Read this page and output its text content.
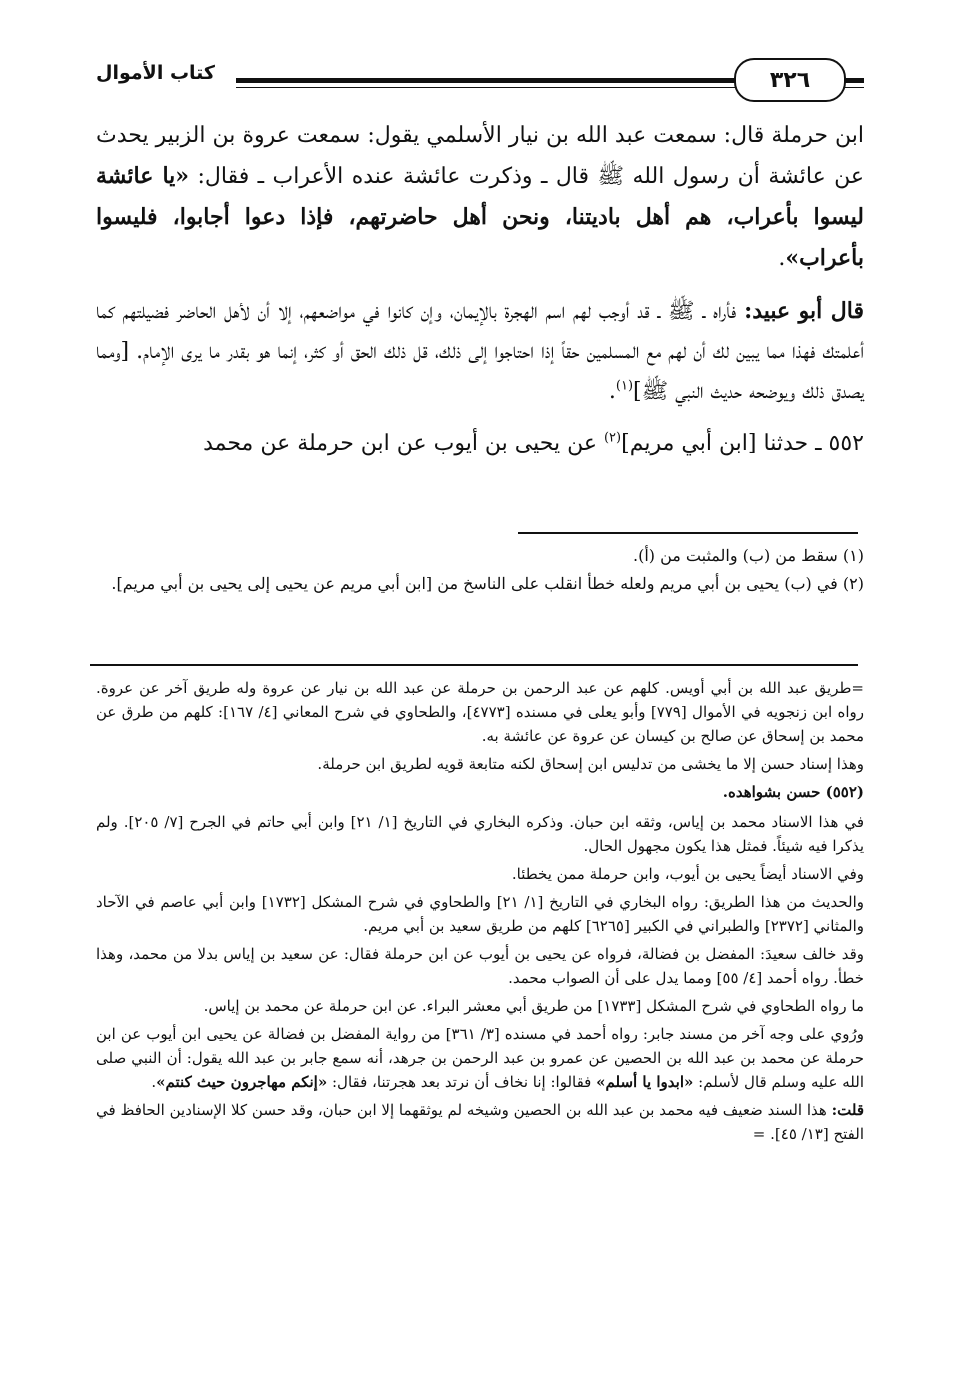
٣٢٦
كتاب الأموال

ابن حرملة قال: سمعت عبد الله بن نيار الأسلمي يقول: سمعت عروة بن الزبير يحدث عن عائشة أن رسول الله ﷺ قال ـ وذكرت عائشة عنده الأعراب ـ فقال: «يا عائشة ليسوا بأعراب، هم أهل باديتنا، ونحن أهل حاضرتهم، فإذا دعوا أجابوا، فليسوا بأعراب».

قال أبو عبيد: فأراه ـ ﷺ ـ قد أوجب لهم اسم الهجرة بالإيمان، وإن كانوا في مواضعهم، إلا أن لأهل الحاضر فضيلتهم كما أعلمتك فهذا مما يبين لك أن لهم مع المسلمين حقاً إذا احتاجوا إلى ذلك، قل ذلك الحق أو كثر، إنما هو بقدر ما يرى الإمام. [ومما يصدق ذلك ويوضحه حديث النبي ﷺ]$^{(١)}$.

٥٥٢ ـ حدثنا [ابن أبي مريم]$^{(٢)}$ عن يحيى بن أيوب عن ابن حرملة عن محمد

(١) سقط من (ب) والمثبت من (أ).

(٢) في (ب) يحيى بن أبي مريم ولعله خطأ انقلب على الناسخ من [ابن أبي مريم عن يحيى إلى يحيى بن أبي مريم].

=طريق عبد الله بن أبي أويس. كلهم عن عبد الرحمن بن حرملة عن عبد الله بن نيار عن عروة وله طريق آخر عن عروة. رواه ابن زنجويه في الأموال [٧٧٩] وأبو يعلى في مسنده [٤٧٧٣]، والطحاوي في شرح المعاني [٤/ ١٦٧]: كلهم من طرق عن محمد بن إسحاق عن صالح بن كيسان عن عروة عن عائشة به.

وهذا إسناد حسن إلا ما يخشى من تدليس ابن إسحاق لكنه متابعة قويه لطريق ابن حرملة.

(٥٥٢) حسن بشواهده.

في هذا الاسناد محمد بن إياس، وثقه ابن حبان. وذكره البخاري في التاريخ [١/ ٢١] وابن أبي حاتم في الجرح [٧/ ٢٠٥]. ولم يذكرا فيه شيئاً. فمثل هذا يكون مجهول الحال.

وفي الاسناد أيضاً يحيى بن أيوب، وابن حرملة ممن يخطئا.

والحديث من هذا الطريق: رواه البخاري في التاريخ [١/ ٢١] والطحاوي في شرح المشكل [١٧٣٢] وابن أبي عاصم في الآحاد والمثاني [٢٣٧٢] والطبراني في الكبير [٦٢٦٥] كلهم من طريق سعيد بن أبي مريم.

وقد خالف سعيدَ: المفضل بن فضالة، فرواه عن يحيى بن أيوب عن ابن حرملة فقال: عن سعيد بن إياس بدلا من محمد، وهذا خطأ. رواه أحمد [٤/ ٥٥] ومما يدل على أن الصواب محمد.

ما رواه الطحاوي في شرح المشكل [١٧٣٣] من طريق أبي معشر البراء. عن ابن حرملة عن محمد بن إياس.

ورُوي على وجه آخر من مسند جابر: رواه أحمد في مسنده [٣/ ٣٦١] من رواية المفضل بن فضالة عن يحيى ابن أيوب عن ابن حرملة عن محمد بن عبد الله بن الحصين عن عمرو بن عبد الرحمن بن جرهد، أنه سمع جابر بن عبد الله يقول: أن النبي صلى الله عليه وسلم قال لأسلم: «ابدوا يا أسلم» فقالوا: إنا نخاف أن نرتد بعد هجرتنا، فقال: «إنكم مهاجرون حيث كنتم».

قلت: هذا السند ضعيف فيه محمد بن عبد الله بن الحصين وشيخه لم يوثقهما إلا ابن حبان، وقد حسن كلا الإسنادين الحافظ في الفتح [١٣/ ٤٥]. =
